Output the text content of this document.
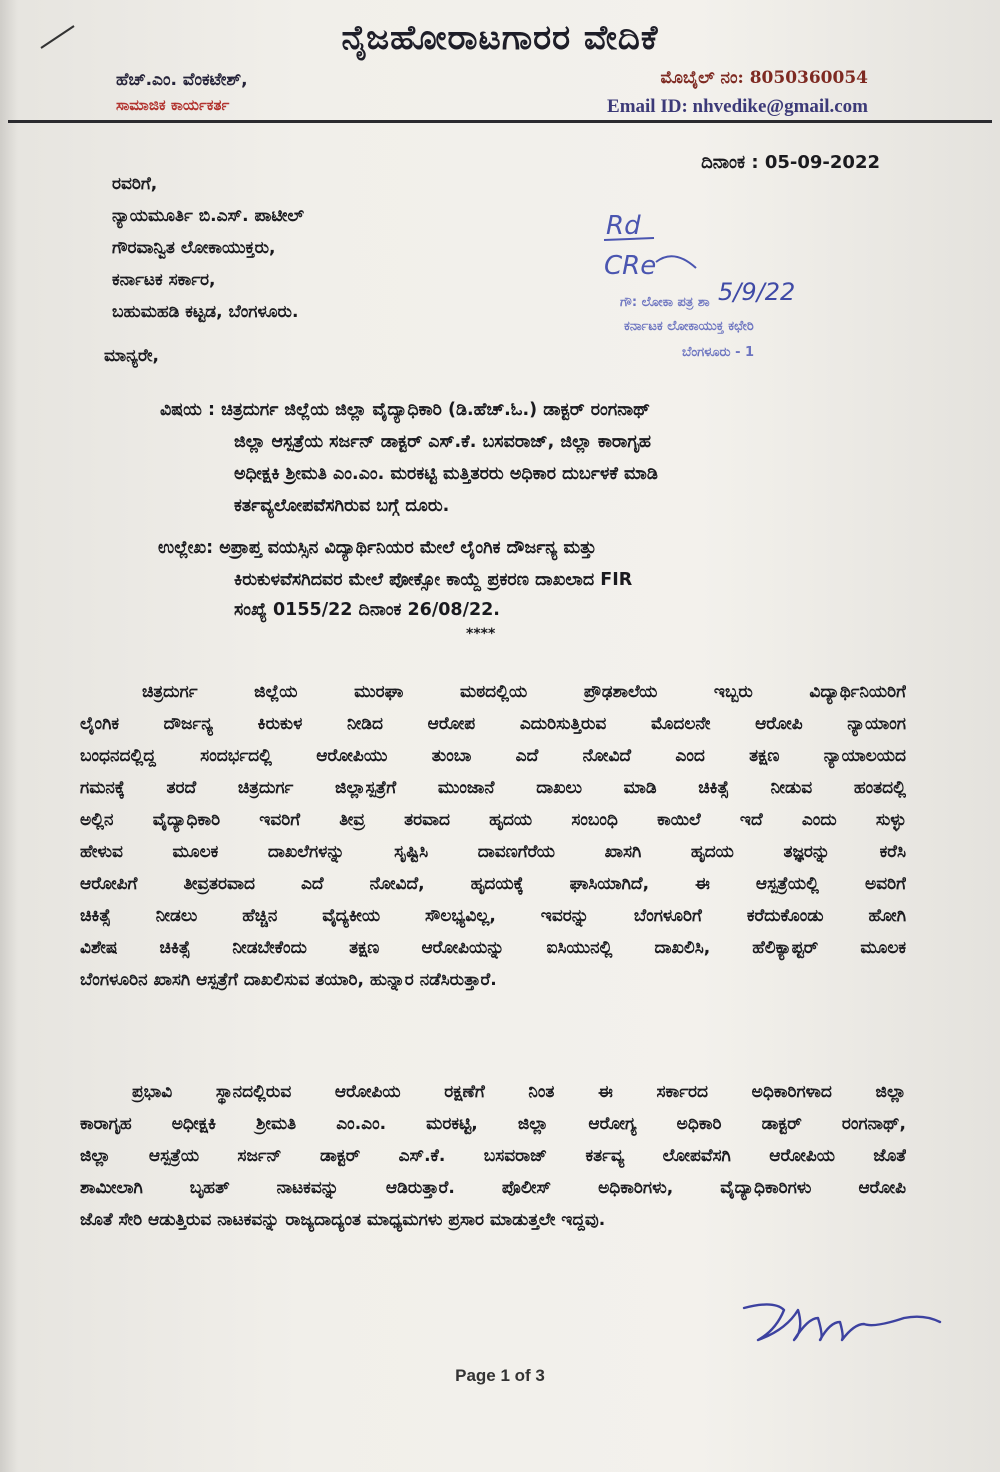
ನೈಜಹೋರಾಟಗಾರರ ವೇದಿಕೆ
ಹೆಚ್.ಎಂ. ವೆಂಕಟೇಶ್,
ಸಾಮಾಜಿಕ ಕಾರ್ಯಕರ್ತ
ಮೊಬೈಲ್ ನಂ: 8050360054
Email ID: nhvedike@gmail.com
ದಿನಾಂಕ : 05-09-2022
ರವರಿಗೆ,
ನ್ಯಾಯಮೂರ್ತಿ ಬಿ.ಎಸ್. ಪಾಟೀಲ್
ಗೌರವಾನ್ವಿತ ಲೋಕಾಯುಕ್ತರು,
ಕರ್ನಾಟಕ ಸರ್ಕಾರ,
ಬಹುಮಹಡಿ ಕಟ್ಟಡ, ಬೆಂಗಳೂರು.
ಮಾನ್ಯರೇ,
Rd
CRe
5/9/22
ಗೌ: ಲೋಕಾ ಪತ್ರ ಶಾ
ಕರ್ನಾಟಕ ಲೋಕಾಯುಕ್ತ ಕಛೇರಿ
ಬೆಂಗಳೂರು - 1
ವಿಷಯ : ಚಿತ್ರದುರ್ಗ ಜಿಲ್ಲೆಯ ಜಿಲ್ಲಾ ವೈದ್ಯಾಧಿಕಾರಿ (ಡಿ.ಹೆಚ್.ಓ.) ಡಾಕ್ಟರ್ ರಂಗನಾಥ್
ಜಿಲ್ಲಾ ಆಸ್ಪತ್ರೆಯ ಸರ್ಜನ್ ಡಾಕ್ಟರ್ ಎಸ್.ಕೆ. ಬಸವರಾಜ್, ಜಿಲ್ಲಾ ಕಾರಾಗೃಹ
ಅಧೀಕ್ಷಕಿ ಶ್ರೀಮತಿ ಎಂ.ಎಂ. ಮರಕಟ್ಟಿ ಮತ್ತಿತರರು ಅಧಿಕಾರ ದುರ್ಬಳಕೆ ಮಾಡಿ
ಕರ್ತವ್ಯಲೋಪವೆಸಗಿರುವ ಬಗ್ಗೆ ದೂರು.
ಉಲ್ಲೇಖ: ಅಪ್ರಾಪ್ತ ವಯಸ್ಸಿನ ವಿದ್ಯಾರ್ಥಿನಿಯರ ಮೇಲೆ ಲೈಂಗಿಕ ದೌರ್ಜನ್ಯ ಮತ್ತು
ಕಿರುಕುಳವೆಸಗಿದವರ ಮೇಲೆ ಪೋಕ್ಸೋ ಕಾಯ್ದೆ ಪ್ರಕರಣ ದಾಖಲಾದ FIR
ಸಂಖ್ಯೆ 0155/22 ದಿನಾಂಕ 26/08/22.
****
ಚಿತ್ರದುರ್ಗ ಜಿಲ್ಲೆಯ ಮುರಘಾ ಮಠದಲ್ಲಿಯ ಪ್ರೌಢಶಾಲೆಯ ಇಬ್ಬರು ವಿದ್ಯಾರ್ಥಿನಿಯರಿಗೆ
ಲೈಂಗಿಕ ದೌರ್ಜನ್ಯ ಕಿರುಕುಳ ನೀಡಿದ ಆರೋಪ ಎದುರಿಸುತ್ತಿರುವ ಮೊದಲನೇ ಆರೋಪಿ ನ್ಯಾಯಾಂಗ
ಬಂಧನದಲ್ಲಿದ್ದ ಸಂದರ್ಭದಲ್ಲಿ ಆರೋಪಿಯು ತುಂಬಾ ಎದೆ ನೋವಿದೆ ಎಂದ ತಕ್ಷಣ ನ್ಯಾಯಾಲಯದ
ಗಮನಕ್ಕೆ ತರದೆ ಚಿತ್ರದುರ್ಗ ಜಿಲ್ಲಾಸ್ಪತ್ರೆಗೆ ಮುಂಜಾನೆ ದಾಖಲು ಮಾಡಿ ಚಿಕಿತ್ಸೆ ನೀಡುವ ಹಂತದಲ್ಲಿ
ಅಲ್ಲಿನ ವೈದ್ಯಾಧಿಕಾರಿ ಇವರಿಗೆ ತೀವ್ರ ತರವಾದ ಹೃದಯ ಸಂಬಂಧಿ ಕಾಯಿಲೆ ಇದೆ ಎಂದು ಸುಳ್ಳು
ಹೇಳುವ ಮೂಲಕ ದಾಖಲೆಗಳನ್ನು ಸೃಷ್ಟಿಸಿ ದಾವಣಗೆರೆಯ ಖಾಸಗಿ ಹೃದಯ ತಜ್ಞರನ್ನು ಕರೆಸಿ
ಆರೋಪಿಗೆ ತೀವ್ರತರವಾದ ಎದೆ ನೋವಿದೆ, ಹೃದಯಕ್ಕೆ ಘಾಸಿಯಾಗಿದೆ, ಈ ಆಸ್ಪತ್ರೆಯಲ್ಲಿ ಅವರಿಗೆ
ಚಿಕಿತ್ಸೆ ನೀಡಲು ಹೆಚ್ಚಿನ ವೈದ್ಯಕೀಯ ಸೌಲಭ್ಯವಿಲ್ಲ, ಇವರನ್ನು ಬೆಂಗಳೂರಿಗೆ ಕರೆದುಕೊಂಡು ಹೋಗಿ
ವಿಶೇಷ ಚಿಕಿತ್ಸೆ ನೀಡಬೇಕೆಂದು ತಕ್ಷಣ ಆರೋಪಿಯನ್ನು ಐಸಿಯುನಲ್ಲಿ ದಾಖಲಿಸಿ, ಹೆಲಿಕ್ಯಾಪ್ಟರ್ ಮೂಲಕ
ಬೆಂಗಳೂರಿನ ಖಾಸಗಿ ಆಸ್ಪತ್ರೆಗೆ ದಾಖಲಿಸುವ ತಯಾರಿ, ಹುನ್ನಾರ ನಡೆಸಿರುತ್ತಾರೆ.
ಪ್ರಭಾವಿ ಸ್ಥಾನದಲ್ಲಿರುವ ಆರೋಪಿಯ ರಕ್ಷಣೆಗೆ ನಿಂತ ಈ ಸರ್ಕಾರದ ಅಧಿಕಾರಿಗಳಾದ ಜಿಲ್ಲಾ
ಕಾರಾಗೃಹ ಅಧೀಕ್ಷಕಿ ಶ್ರೀಮತಿ ಎಂ.ಎಂ. ಮರಕಟ್ಟಿ, ಜಿಲ್ಲಾ ಆರೋಗ್ಯ ಅಧಿಕಾರಿ ಡಾಕ್ಟರ್ ರಂಗನಾಥ್,
ಜಿಲ್ಲಾ ಆಸ್ಪತ್ರೆಯ ಸರ್ಜನ್ ಡಾಕ್ಟರ್ ಎಸ್.ಕೆ. ಬಸವರಾಜ್ ಕರ್ತವ್ಯ ಲೋಪವೆಸಗಿ ಆರೋಪಿಯ ಜೊತೆ
ಶಾಮೀಲಾಗಿ ಬೃಹತ್ ನಾಟಕವನ್ನು ಆಡಿರುತ್ತಾರೆ. ಪೊಲೀಸ್ ಅಧಿಕಾರಿಗಳು, ವೈದ್ಯಾಧಿಕಾರಿಗಳು ಆರೋಪಿ
ಜೊತೆ ಸೇರಿ ಆಡುತ್ತಿರುವ ನಾಟಕವನ್ನು ರಾಜ್ಯದಾದ್ಯಂತ ಮಾಧ್ಯಮಗಳು ಪ್ರಸಾರ ಮಾಡುತ್ತಲೇ ಇದ್ದವು.
Page 1 of 3
